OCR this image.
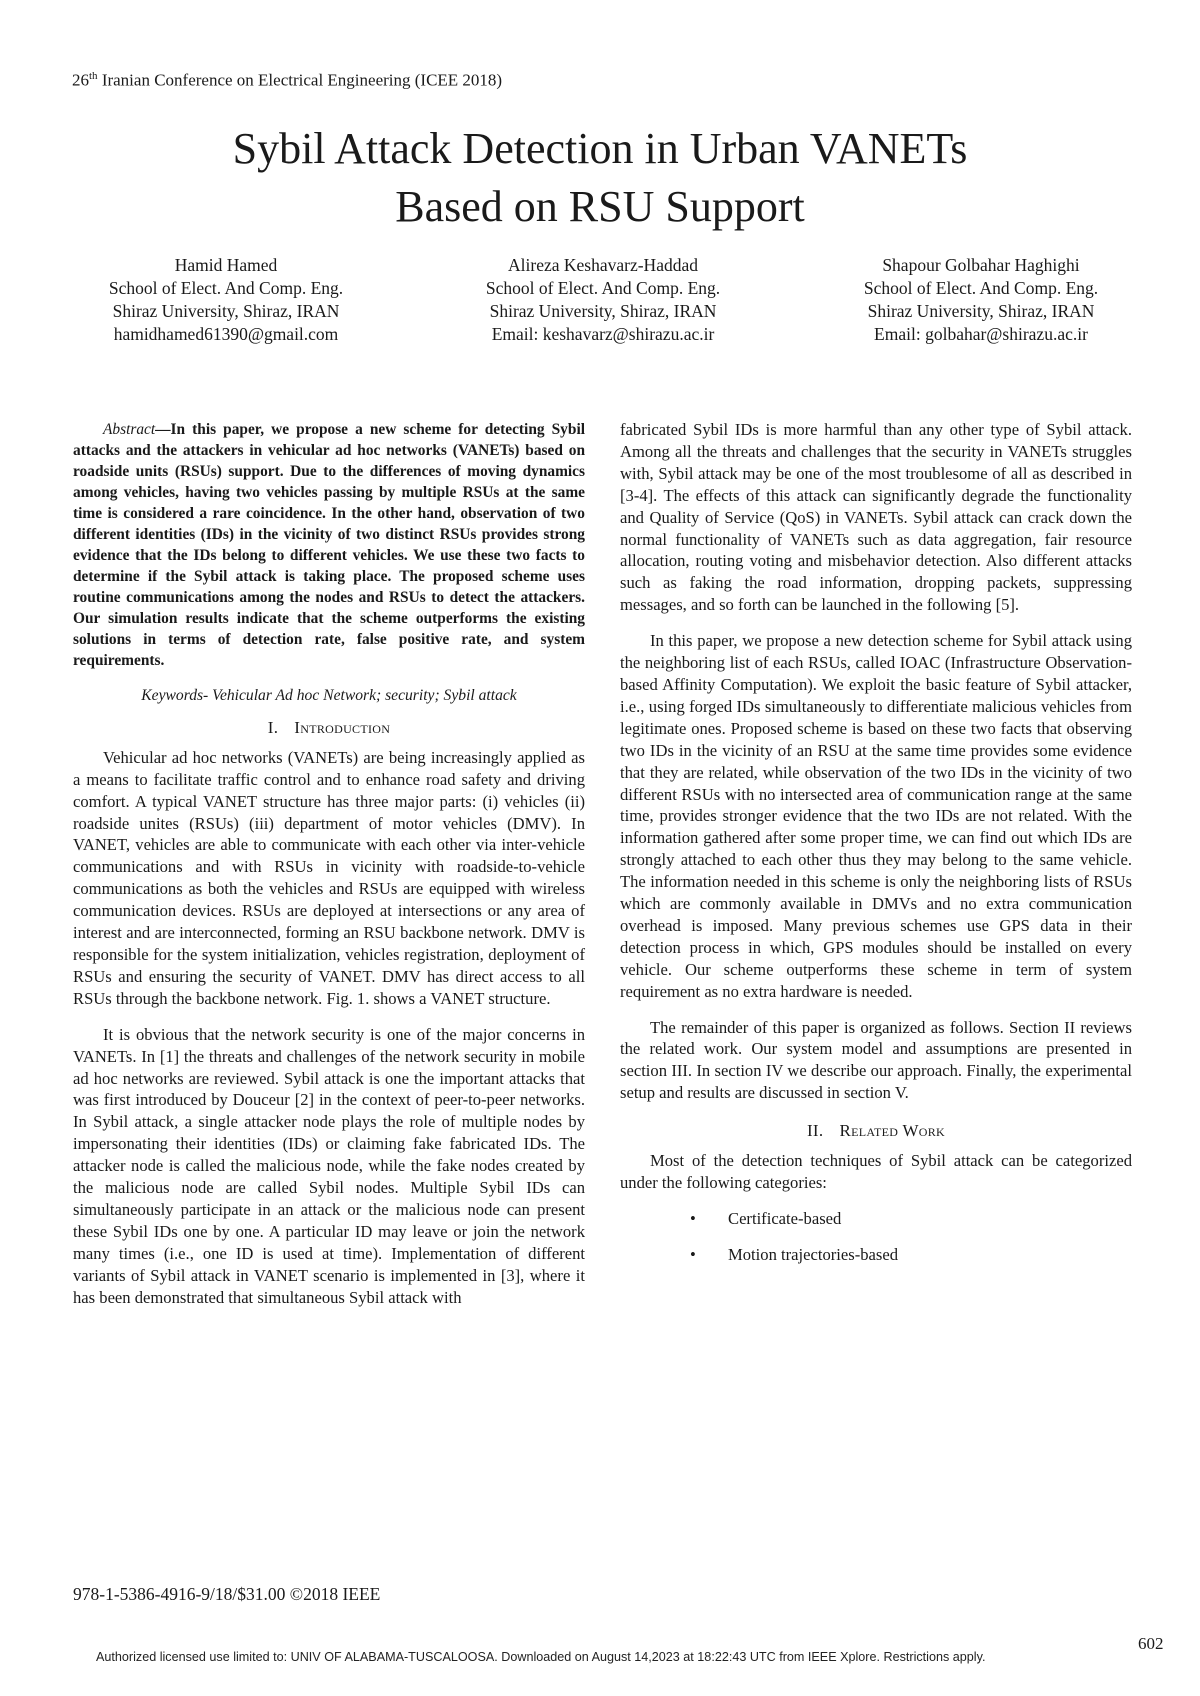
26th Iranian Conference on Electrical Engineering (ICEE 2018)
Sybil Attack Detection in Urban VANETs
Based on RSU Support
Hamid Hamed
School of Elect. And Comp. Eng.
Shiraz University, Shiraz, IRAN
hamidhamed61390@gmail.com
Alireza Keshavarz-Haddad
School of Elect. And Comp. Eng.
Shiraz University, Shiraz, IRAN
Email: keshavarz@shirazu.ac.ir
Shapour Golbahar Haghighi
School of Elect. And Comp. Eng.
Shiraz University, Shiraz, IRAN
Email: golbahar@shirazu.ac.ir

Abstract—In this paper, we propose a new scheme for detecting Sybil attacks and the attackers in vehicular ad hoc networks (VANETs) based on roadside units (RSUs) support. Due to the differences of moving dynamics among vehicles, having two vehicles passing by multiple RSUs at the same time is considered a rare coincidence. In the other hand, observation of two different identities (IDs) in the vicinity of two distinct RSUs provides strong evidence that the IDs belong to different vehicles. We use these two facts to determine if the Sybil attack is taking place. The proposed scheme uses routine communications among the nodes and RSUs to detect the attackers. Our simulation results indicate that the scheme outperforms the existing solutions in terms of detection rate, false positive rate, and system requirements.

Keywords- Vehicular Ad hoc Network; security; Sybil attack

I. Introduction

Vehicular ad hoc networks (VANETs) are being increasingly applied as a means to facilitate traffic control and to enhance road safety and driving comfort. A typical VANET structure has three major parts: (i) vehicles (ii) roadside unites (RSUs) (iii) department of motor vehicles (DMV). In VANET, vehicles are able to communicate with each other via inter-vehicle communications and with RSUs in vicinity with roadside-to-vehicle communications as both the vehicles and RSUs are equipped with wireless communication devices. RSUs are deployed at intersections or any area of interest and are interconnected, forming an RSU backbone network. DMV is responsible for the system initialization, vehicles registration, deployment of RSUs and ensuring the security of VANET. DMV has direct access to all RSUs through the backbone network. Fig. 1. shows a VANET structure.

It is obvious that the network security is one of the major concerns in VANETs. In [1] the threats and challenges of the network security in mobile ad hoc networks are reviewed. Sybil attack is one the important attacks that was first introduced by Douceur [2] in the context of peer-to-peer networks. In Sybil attack, a single attacker node plays the role of multiple nodes by impersonating their identities (IDs) or claiming fake fabricated IDs. The attacker node is called the malicious node, while the fake nodes created by the malicious node are called Sybil nodes. Multiple Sybil IDs can simultaneously participate in an attack or the malicious node can present these Sybil IDs one by one. A particular ID may leave or join the network many times (i.e., one ID is used at time). Implementation of different variants of Sybil attack in VANET scenario is implemented in [3], where it has been demonstrated that simultaneous Sybil attack with

fabricated Sybil IDs is more harmful than any other type of Sybil attack. Among all the threats and challenges that the security in VANETs struggles with, Sybil attack may be one of the most troublesome of all as described in [3-4]. The effects of this attack can significantly degrade the functionality and Quality of Service (QoS) in VANETs. Sybil attack can crack down the normal functionality of VANETs such as data aggregation, fair resource allocation, routing voting and misbehavior detection. Also different attacks such as faking the road information, dropping packets, suppressing messages, and so forth can be launched in the following [5].

In this paper, we propose a new detection scheme for Sybil attack using the neighboring list of each RSUs, called IOAC (Infrastructure Observation-based Affinity Computation). We exploit the basic feature of Sybil attacker, i.e., using forged IDs simultaneously to differentiate malicious vehicles from legitimate ones. Proposed scheme is based on these two facts that observing two IDs in the vicinity of an RSU at the same time provides some evidence that they are related, while observation of the two IDs in the vicinity of two different RSUs with no intersected area of communication range at the same time, provides stronger evidence that the two IDs are not related. With the information gathered after some proper time, we can find out which IDs are strongly attached to each other thus they may belong to the same vehicle. The information needed in this scheme is only the neighboring lists of RSUs which are commonly available in DMVs and no extra communication overhead is imposed. Many previous schemes use GPS data in their detection process in which, GPS modules should be installed on every vehicle. Our scheme outperforms these scheme in term of system requirement as no extra hardware is needed.

The remainder of this paper is organized as follows. Section II reviews the related work. Our system model and assumptions are presented in section III. In section IV we describe our approach. Finally, the experimental setup and results are discussed in section V.

II. Related Work

Most of the detection techniques of Sybil attack can be categorized under the following categories:

• Certificate-based
• Motion trajectories-based
978-1-5386-4916-9/18/$31.00 ©2018 IEEE
Authorized licensed use limited to: UNIV OF ALABAMA-TUSCALOOSA. Downloaded on August 14,2023 at 18:22:43 UTC from IEEE Xplore. Restrictions apply.
602
